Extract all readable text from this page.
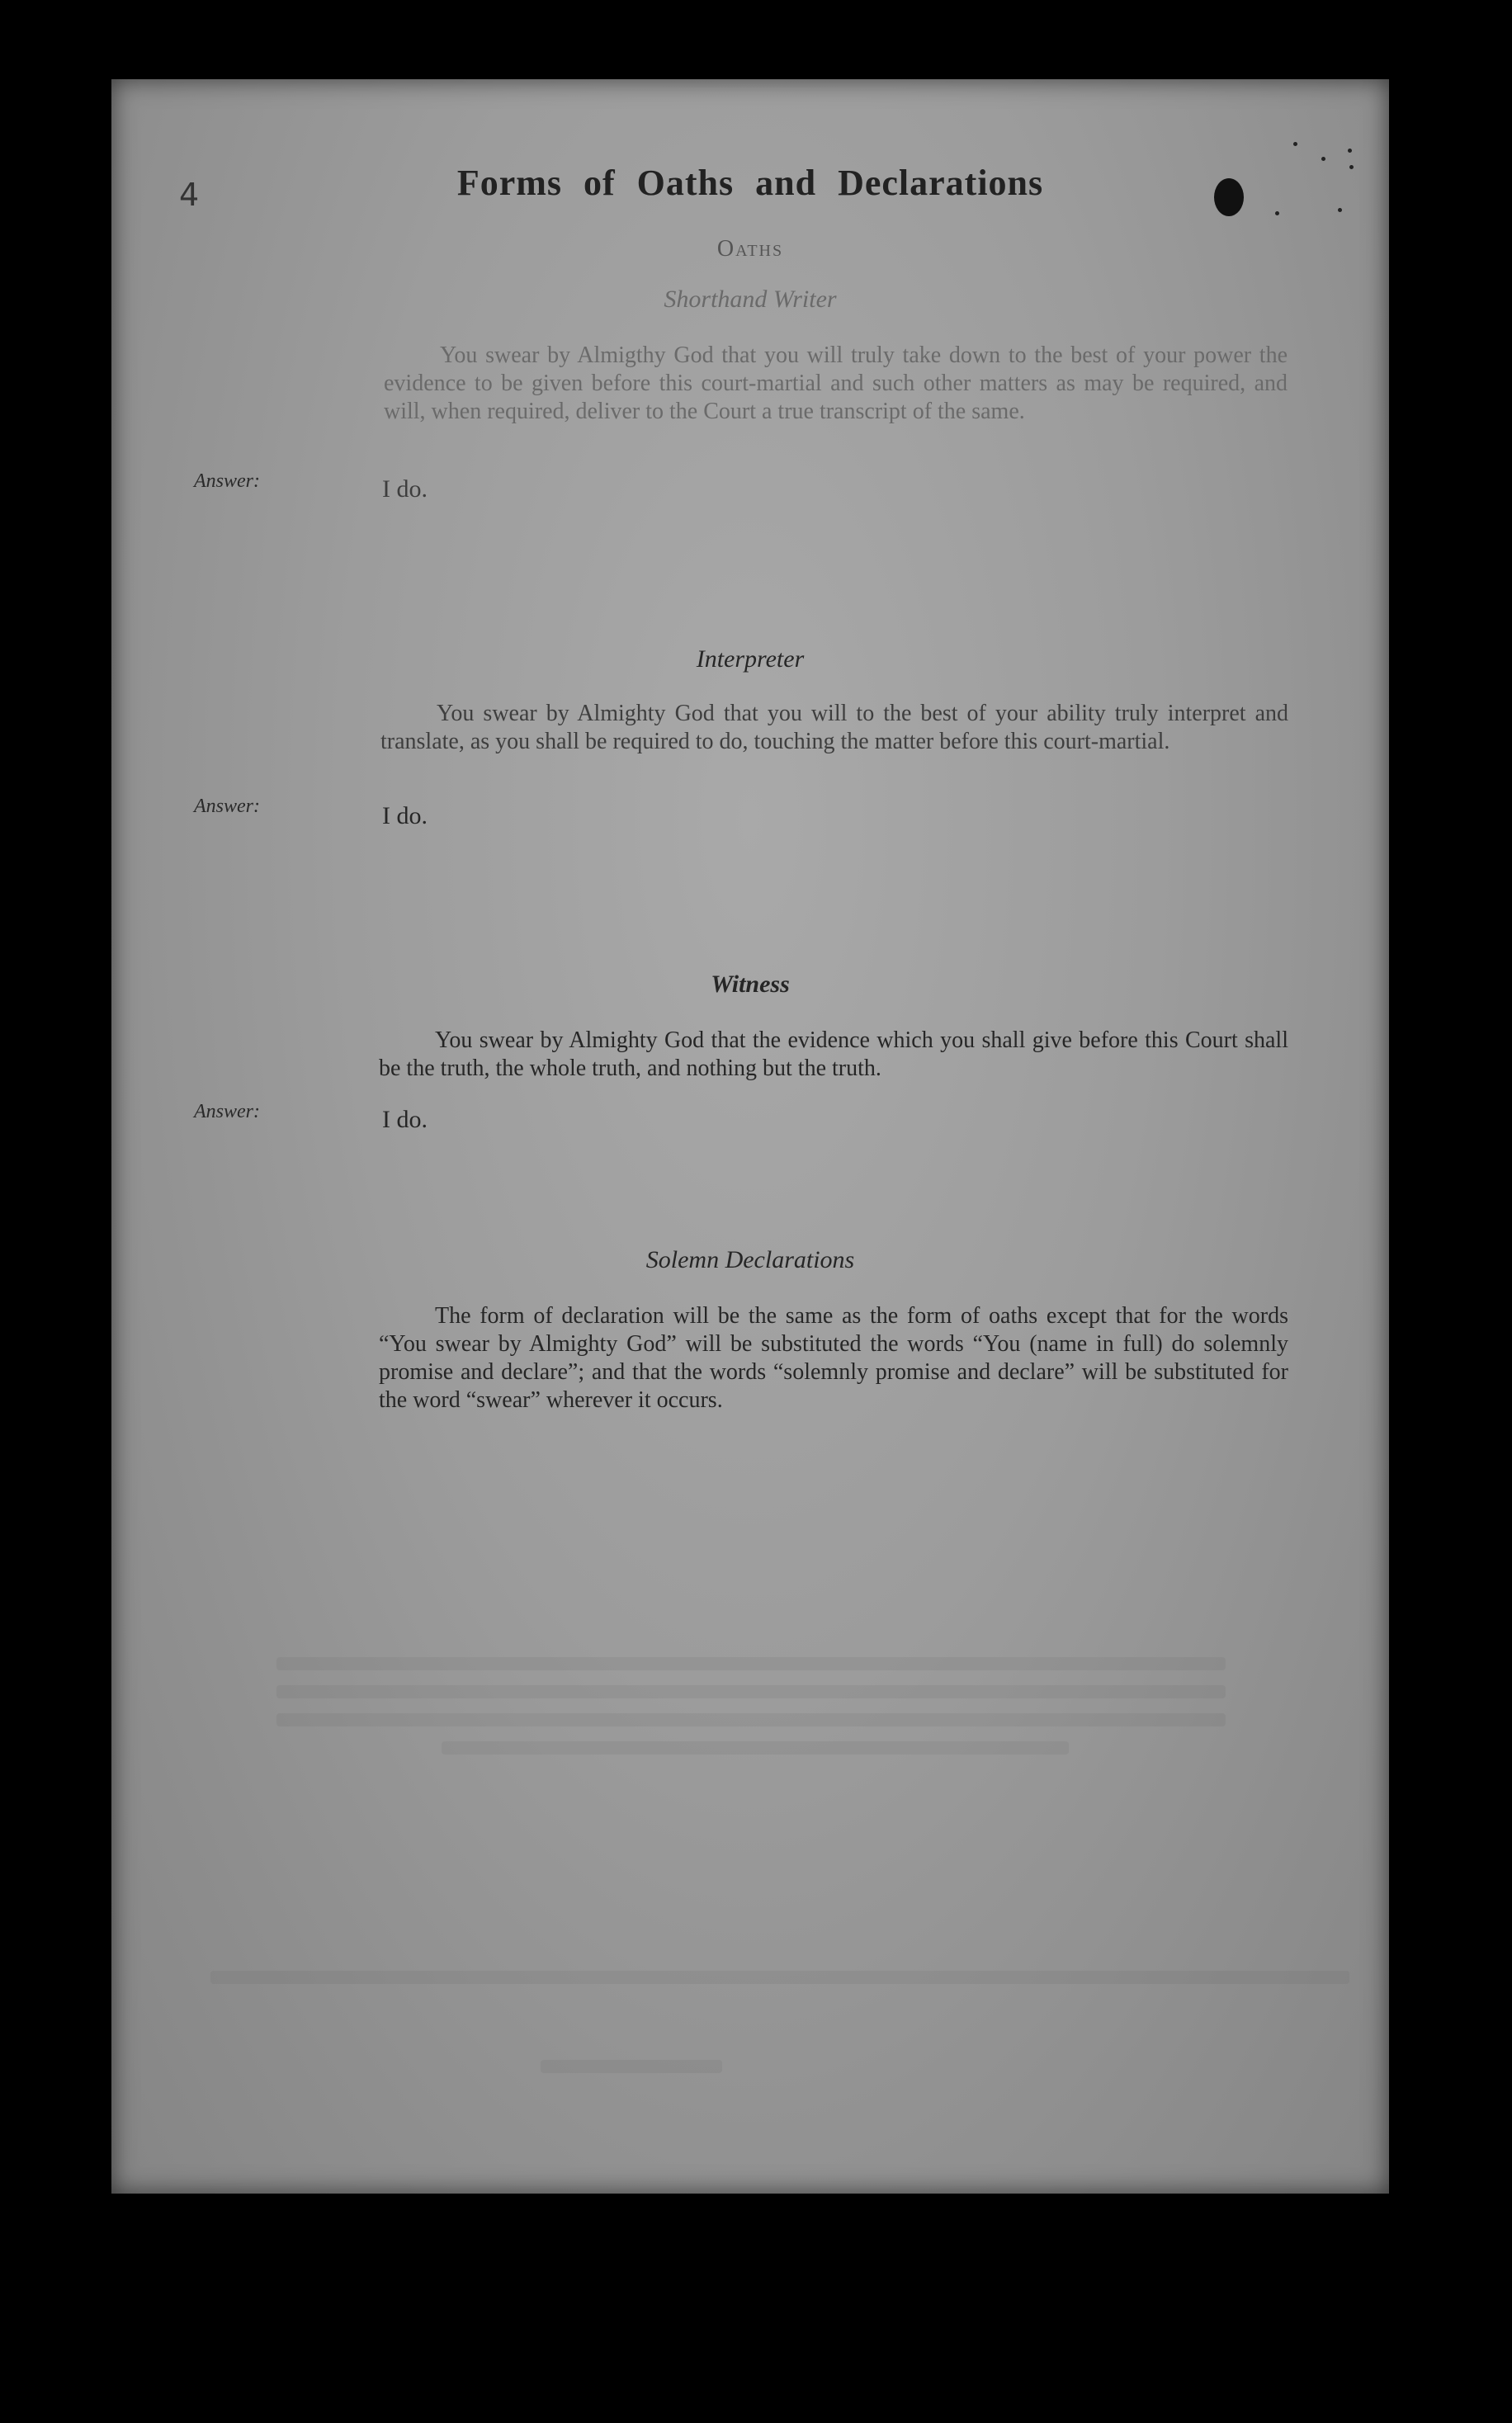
4	Forms of Oaths and Declarations
Oaths
Shorthand Writer
You swear by Almigthy God that you will truly take down to the best of your power the evidence to be given before this court-martial and such other matters as may be required, and will, when required, deliver to the Court a true transcript of the same.
Answer:	I do.
Interpreter
You swear by Almighty God that you will to the best of your ability truly interpret and translate, as you shall be required to do, touching the matter before this court-martial.
Answer:	I do.
Witness
You swear by Almighty God that the evidence which you shall give before this Court shall be the truth, the whole truth, and nothing but the truth.
Answer:	I do.
Solemn Declarations
The form of declaration will be the same as the form of oaths except that for the words “You swear by Almighty God” will be substituted the words “You (name in full) do solemnly promise and declare”; and that the words “solemnly promise and declare” will be substituted for the word “swear” wherever it occurs.
